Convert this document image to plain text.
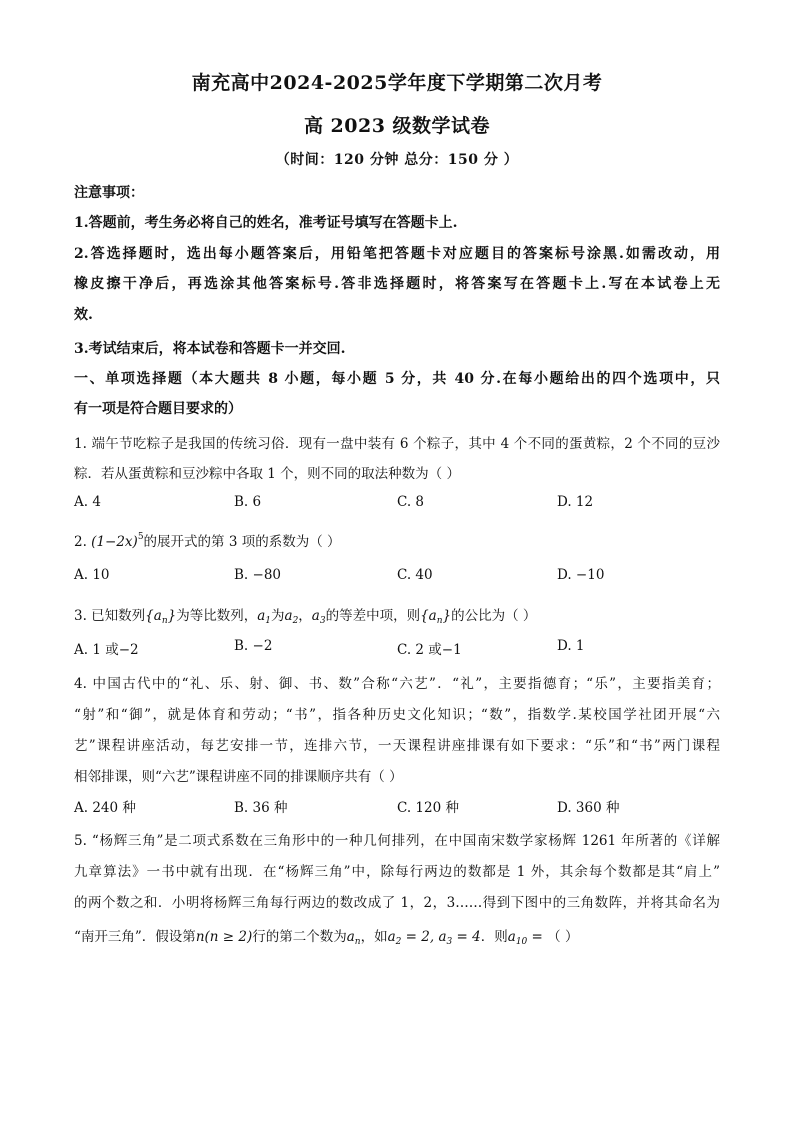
南充高中2024-2025学年度下学期第二次月考
高 2023 级数学试卷
（时间：120 分钟 总分：150 分 ）
注意事项：
1.答题前，考生务必将自己的姓名，准考证号填写在答题卡上.
2.答选择题时，选出每小题答案后，用铅笔把答题卡对应题目的答案标号涂黑.如需改动，用
橡皮擦干净后，再选涂其他答案标号.答非选择题时，将答案写在答题卡上.写在本试卷上无
效.
3.考试结束后，将本试卷和答题卡一并交回.
一、单项选择题（本大题共 8 小题，每小题 5 分，共 40 分.在每小题给出的四个选项中，只
有一项是符合题目要求的）
1. 端午节吃粽子是我国的传统习俗．现有一盘中装有 6 个粽子，其中 4 个不同的蛋黄粽，2 个不同的豆沙
粽．若从蛋黄粽和豆沙粽中各取 1 个，则不同的取法种数为（ ）
A. 4	B. 6	C. 8	D. 12
2. $(1-2x)^5$的展开式的第 3 项的系数为（ ）
A. 10	B. −80	C. 40	D. −10
3. 已知数列$\{a_n\}$为等比数列，$a_1$为$a_2$，$a_3$的等差中项，则$\{a_n\}$的公比为（ ）
A. 1 或−2	B. −2	C. 2 或−1	D. 1
4. 中国古代中的“礼、乐、射、御、书、数”合称“六艺”．“礼”，主要指德育；“乐”，主要指美育；
“射”和“御”，就是体育和劳动；“书”，指各种历史文化知识；“数”，指数学.某校国学社团开展“六
艺”课程讲座活动，每艺安排一节，连排六节，一天课程讲座排课有如下要求：“乐”和“书”两门课程
相邻排课，则“六艺”课程讲座不同的排课顺序共有（ ）
A. 240 种	B. 36 种	C. 120 种	D. 360 种
5. “杨辉三角”是二项式系数在三角形中的一种几何排列，在中国南宋数学家杨辉 1261 年所著的《详解
九章算法》一书中就有出现．在“杨辉三角”中，除每行两边的数都是 1 外，其余每个数都是其“肩上”
的两个数之和．小明将杨辉三角每行两边的数改成了 1，2，3……得到下图中的三角数阵，并将其命名为
“南开三角”．假设第n(n ≥ 2)行的第二个数为$a_n$，如$a_2 = 2$, $a_3 = 4$．则$a_{10}$ = （ ）
